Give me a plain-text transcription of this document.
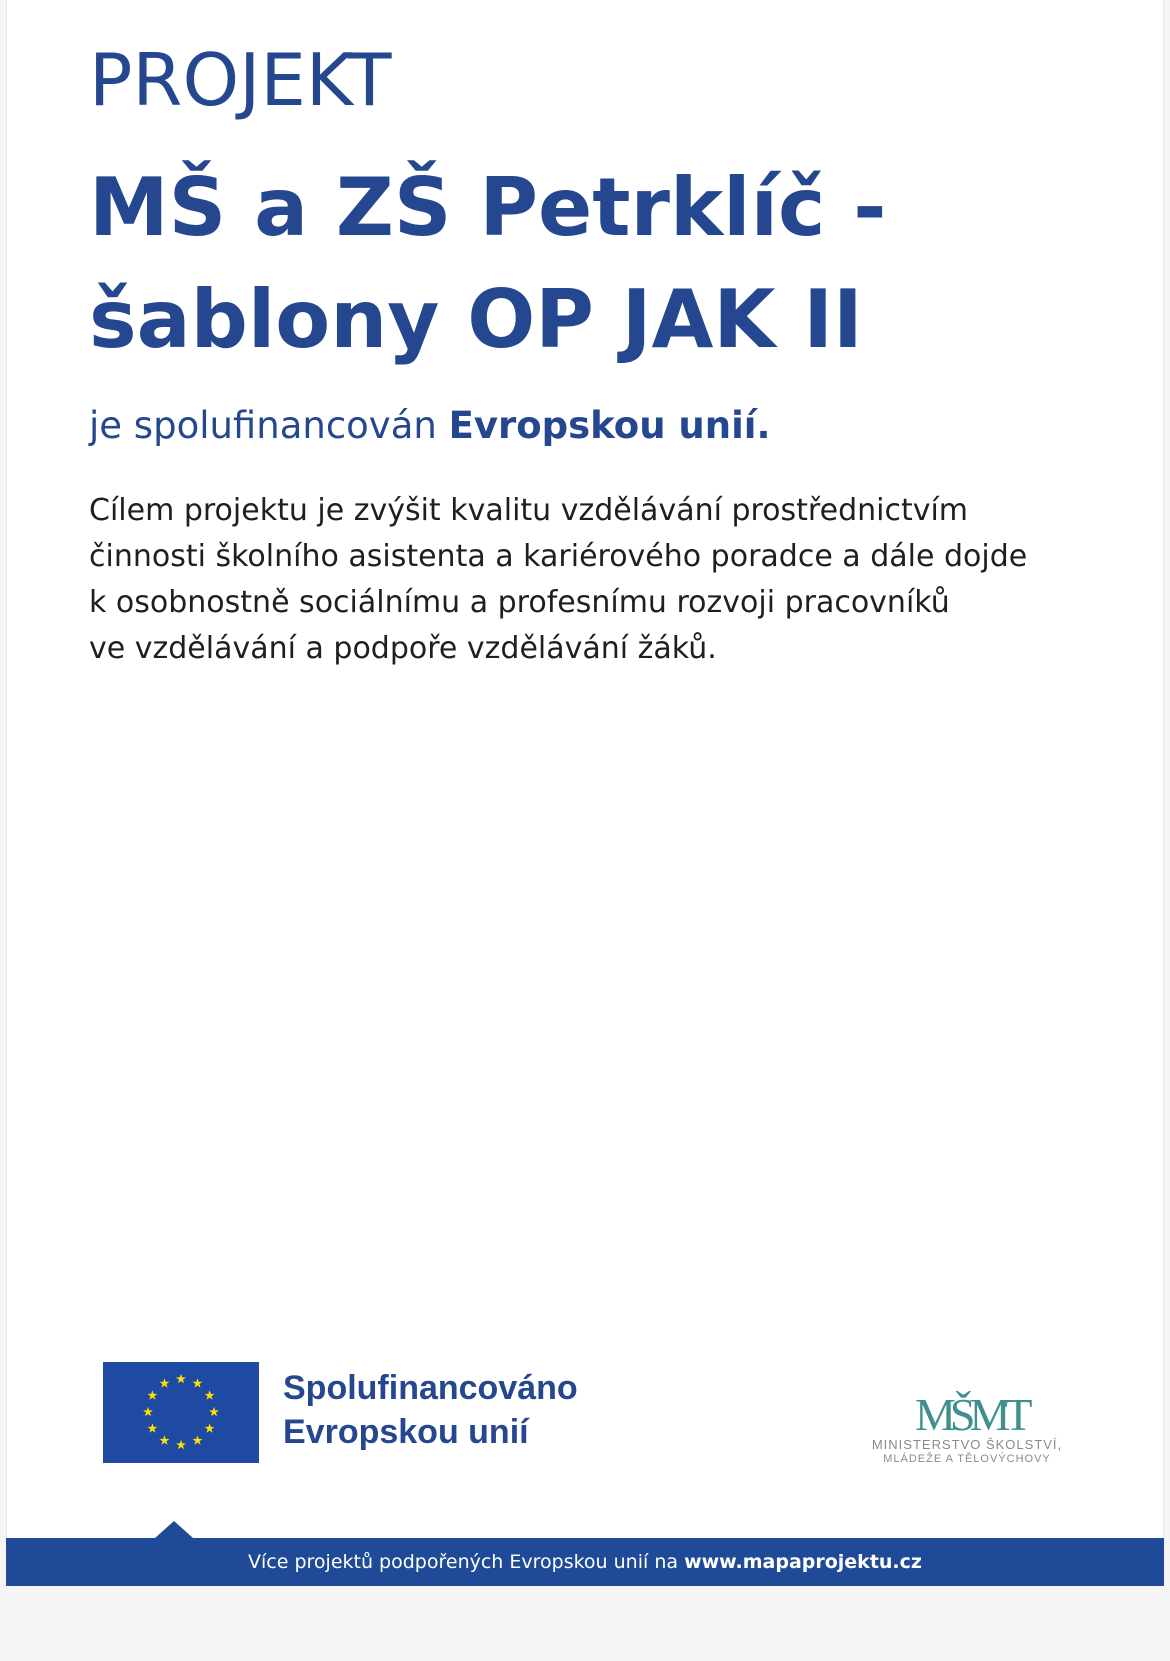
PROJEKT
MŠ a ZŠ Petrklíč -
šablony OP JAK II
je spolufinancován Evropskou unií.
Cílem projektu je zvýšit kvalitu vzdělávání prostřednictvím
činnosti školního asistenta a kariérového poradce a dále dojde
k osobnostně sociálnímu a profesnímu rozvoji pracovníků
ve vzdělávání a podpoře vzdělávání žáků.
Spolufinancováno
Evropskou unií	MŠMT
MINISTERSTVO ŠKOLSTVÍ,
MLÁDEŽE A TĚLOVÝCHOVY
Více projektů podpořených Evropskou unií na www.mapaprojektu.cz
